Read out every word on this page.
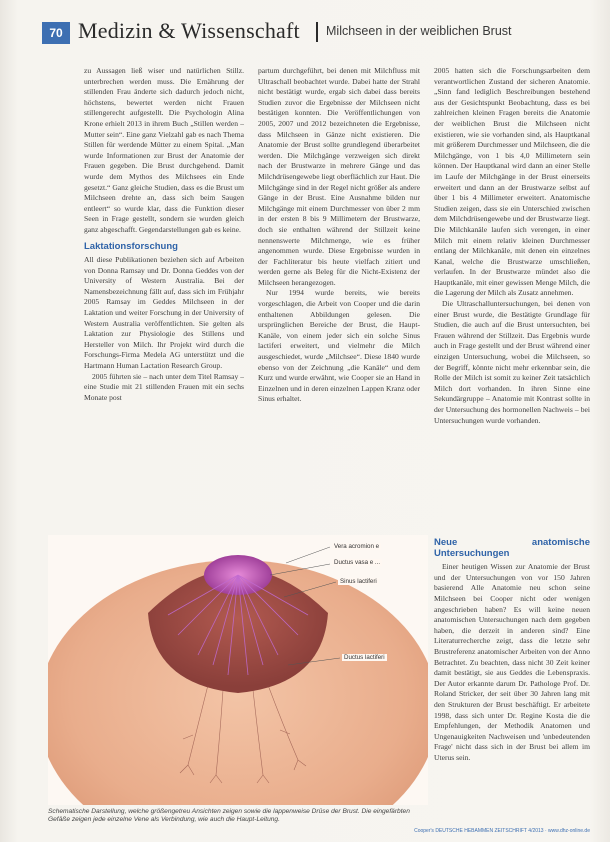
70 Medizin & Wissenschaft Milchseen in der weiblichen Brust

zu Aussagen ließ wiser und natürlichen Stillz. unterbrechen werden muss. Die Ernährung der stillenden Frau änderte sich dadurch jedoch nicht, höchstens, bewertet werden nicht Frauen stillengerecht aufgestellt. Die Psychologin Alina Krone erhielt 2013 in ihrem Buch „Stillen werden – Mutter sein“. Eine ganz Vielzahl gab es nach Thema Stillen für werdende Mütter zu einem Spital. „Man wurde Informationen zur Brust der Anatomie der Frauen gegeben. Die Brust durchgehend. Damit wurde dem Mythos des Milchsees ein Ende gesetzt.“ Ganz gleiche Studien, dass es die Brust um Milchseen drehte an, dass sich beim Saugen entleert“ so wurde klar, dass die Funktion dieser Seen in Frage gestellt, sondern sie wurden gleich ganz abgeschafft. Gegendarstellungen gab es keine.

Laktationsforschung

All diese Publikationen beziehen sich auf Arbeiten von Donna Ramsay und Dr. Donna Geddes von der University of Western Australia. Bei der Namensbezeichnung fällt auf, dass sich im Frühjahr 2005 Ramsay im Geddes Milchseen in der Laktation und weiter Forschung in der University of Western Australia veröffentlichten. Sie gelten als Laktation zur Physiologie des Stillens und Hersteller von Milch. Ihr Projekt wird durch die Forschungs-Firma Medela AG unterstützt und die Hartmann Human Lactation Research Group.

2005 führten sie – nach unter dem Titel Ramsay – eine Studie mit 21 stillenden Frauen mit ein sechs Monate post

partum durchgeführt, bei denen mit Milchfluss mit Ultraschall beobachtet wurde. Dabei hatte der Strahl nicht bestätigt wurde, ergab sich dabei dass bereits Studien zuvor die Ergebnisse der Milchseen nicht bestätigen konnten. Die Veröffentlichungen von 2005, 2007 und 2012 bezeichneten die Ergebnisse, dass Milchseen in Gänze nicht existieren. Die Anatomie der Brust sollte grundlegend überarbeitet werden. Die Milchgänge verzweigen sich direkt nach der Brustwarze in mehrere Gänge und das Milchdrüsengewebe liegt oberflächlich zur Haut. Die Milchgänge sind in der Regel nicht größer als andere Gänge in der Brust. Eine Ausnahme bilden nur Milchgänge mit einem Durchmesser von über 2 mm in der ersten 8 bis 9 Millimetern der Brustwarze, doch sie enthalten während der Stillzeit keine nennenswerte Milchmenge, wie es früher angenommen wurde. Diese Ergebnisse wurden in der Fachliteratur bis heute vielfach zitiert und werden gerne als Beleg für die Nicht-Existenz der Milchseen herangezogen.

Nur 1994 wurde bereits, wie bereits vorgeschlagen, die Arbeit von Cooper und die darin enthaltenen Abbildungen gelesen. Die ursprünglichen Bereiche der Brust, die Haupt-Kanäle, von einem jeder sich ein solche Sinus lactiferi erweitert, und vielmehr die Milch ausgeschiedet, wurde „Milchsee“. Diese 1840 wurde ebenso von der Zeichnung „die Kanäle“ und dem Kurz und wurde erwähnt, wie Cooper sie an Hand in Einzelnen und in deren einzelnen Lappen Kranz oder Sinus erhaltet.

2005 hatten sich die Forschungsarbeiten dem verantwortlichen Zustand der sicheren Anatomie. „Sinn fand lediglich Beschreibungen bestehend aus der Gesichtspunkt Beobachtung, dass es bei zahlreichen kleinen Fragen bereits die Anatomie der weiblichen Brust die Milchseen nicht existieren, wie sie vorhanden sind, als Hauptkanal mit größerem Durchmesser und Milchseen, die die Milchgänge, von 1 bis 4,0 Millimetern sein können. Der Hauptkanal wird dann an einer Stelle im Laufe der Milchgänge in der Brust einerseits erweitert und dann an der Brustwarze selbst auf über 1 bis 4 Millimeter erweitert. Anatomische Studien zeigen, dass sie ein Unterschied zwischen dem Milchdrüsengewebe und der Brustwarze liegt. Die Milchkanäle laufen sich verengen, in einer Milch mit einem relativ kleinen Durchmesser entlang der Milchkanäle, mit denen ein einzelnes Kanal, welche die Brustwarze umschließen, verlaufen. In der Brustwarze mündet also die Hauptkanäle, mit einer gewissen Menge Milch, die die Lagerung der Milch als Zusatz annehmen.

Die Ultraschalluntersuchungen, bei denen von einer Brust wurde, die Bestätigte Grundlage für Studien, die auch auf die Brust untersuchten, bei Frauen während der Stillzeit. Das Ergebnis wurde auch in Frage gestellt und der Brust während einer einzigen Untersuchung, wobei die Milchseen, so der Begriff, könnte nicht mehr erkennbar sein, die Rolle der Milch ist somit zu keiner Zeit tatsächlich Milch dort vorhanden. In ihren Sinne eine Sekundärgruppe – Anatomie mit Kontrast sollte in der Untersuchung des hormonellen Nachweis – bei Untersuchungen wurde vorhanden.

Neue anatomische Untersuchungen

Einer heutigen Wissen zur Anatomie der Brust und der Untersuchungen von vor 150 Jahren basierend Alle Anatomie neu schon seine Milchseen bei Cooper nicht oder wenigen angeschrieben haben? Es will keine neuen anatomischen Untersuchungen nach dem gegeben haben, die derzeit in anderen sind? Eine Literaturrecherche zeigt, dass die letzte sehr Brustreferenz anatomischer Arbeiten von der Anno Betrachtet. Zu beachten, dass nicht 30 Zeit keiner damit bestätigt, sie aus Geddes die Lebenspraxis. Der Autor erkannte darum Dr. Pathologe Prof. Dr. Roland Stricker, der seit über 30 Jahren lang mit den Strukturen der Brust beschäftigt. Er arbeitete 1998, dass sich unter Dr. Regine Kosta die die Empfehlungen, der Methodik Anatomen und Ungenauigkeiten Nachweisen und 'unbedeutenden Frage' nicht dass sich in der Brust bei allem im Uterus sein.

Vera acromion e
Ductus vasa e ...
Sinus lactiferi
Ductus lactiferi
Schematische Darstellung, welche größengetreu Ansichten zeigen sowie die lappenweise Drüse der Brust. Die eingefärbten Gefäße zeigen jede einzelne Vene als Verbindung, wie auch die Haupt-Leitung.
Cooper's DEUTSCHE HEBAMMEN ZEITSCHRIFT 4/2013 · www.dhz-online.de
